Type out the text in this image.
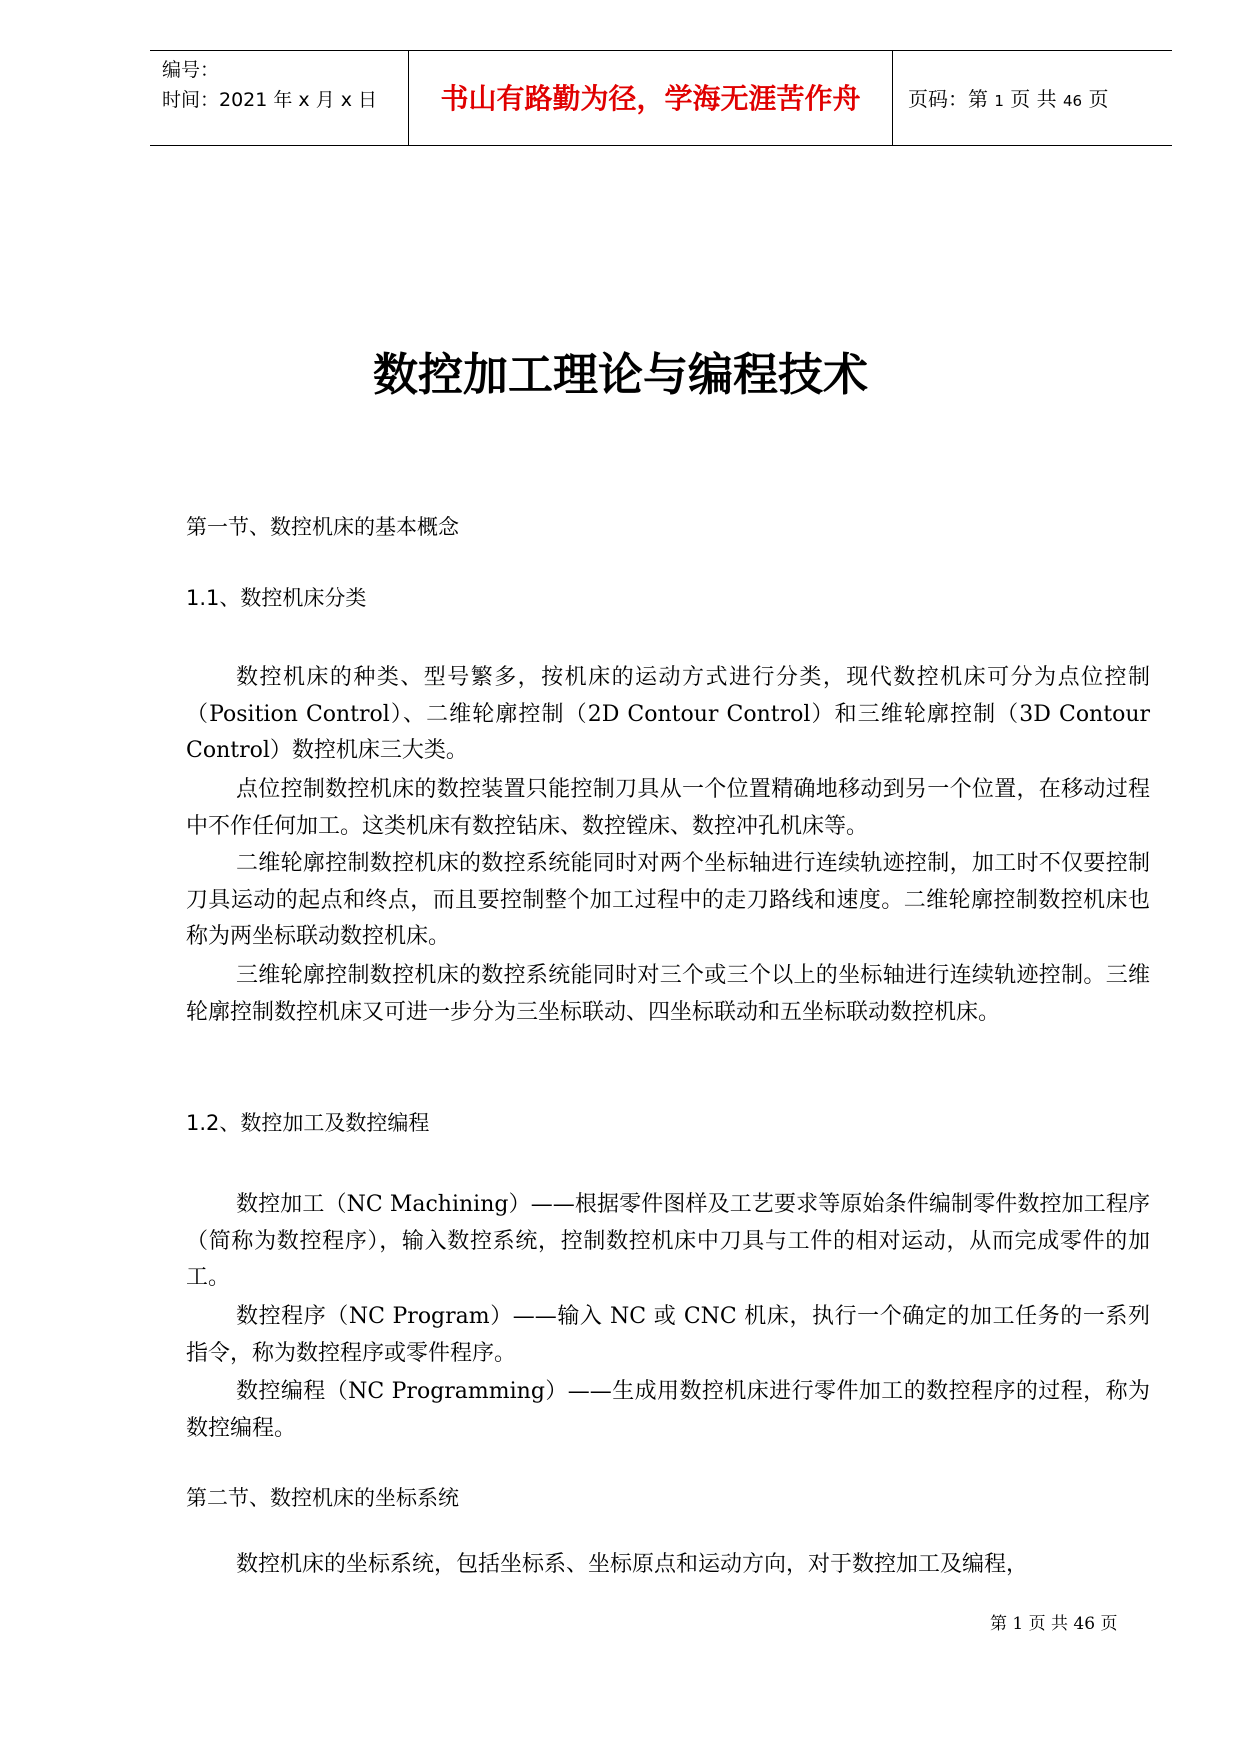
编号：
时间：2021 年 x 月 x 日	书山有路勤为径，学海无涯苦作舟	页码：第 1 页 共 46 页
数控加工理论与编程技术
第一节、数控机床的基本概念
1.1、数控机床分类
数控机床的种类、型号繁多，按机床的运动方式进行分类，现代数控机床可分为点位控制（Position Control）、二维轮廓控制（2D Contour Control）和三维轮廓控制（3D Contour Control）数控机床三大类。
点位控制数控机床的数控装置只能控制刀具从一个位置精确地移动到另一个位置，在移动过程中不作任何加工。这类机床有数控钻床、数控镗床、数控冲孔机床等。
二维轮廓控制数控机床的数控系统能同时对两个坐标轴进行连续轨迹控制，加工时不仅要控制刀具运动的起点和终点，而且要控制整个加工过程中的走刀路线和速度。二维轮廓控制数控机床也称为两坐标联动数控机床。
三维轮廓控制数控机床的数控系统能同时对三个或三个以上的坐标轴进行连续轨迹控制。三维轮廓控制数控机床又可进一步分为三坐标联动、四坐标联动和五坐标联动数控机床。
1.2、数控加工及数控编程
数控加工（NC Machining）——根据零件图样及工艺要求等原始条件编制零件数控加工程序（简称为数控程序），输入数控系统，控制数控机床中刀具与工件的相对运动，从而完成零件的加工。
数控程序（NC Program）——输入 NC 或 CNC 机床，执行一个确定的加工任务的一系列指令，称为数控程序或零件程序。
数控编程（NC Programming）——生成用数控机床进行零件加工的数控程序的过程，称为数控编程。
第二节、数控机床的坐标系统
数控机床的坐标系统，包括坐标系、坐标原点和运动方向，对于数控加工及编程，
第 1 页 共 46 页
